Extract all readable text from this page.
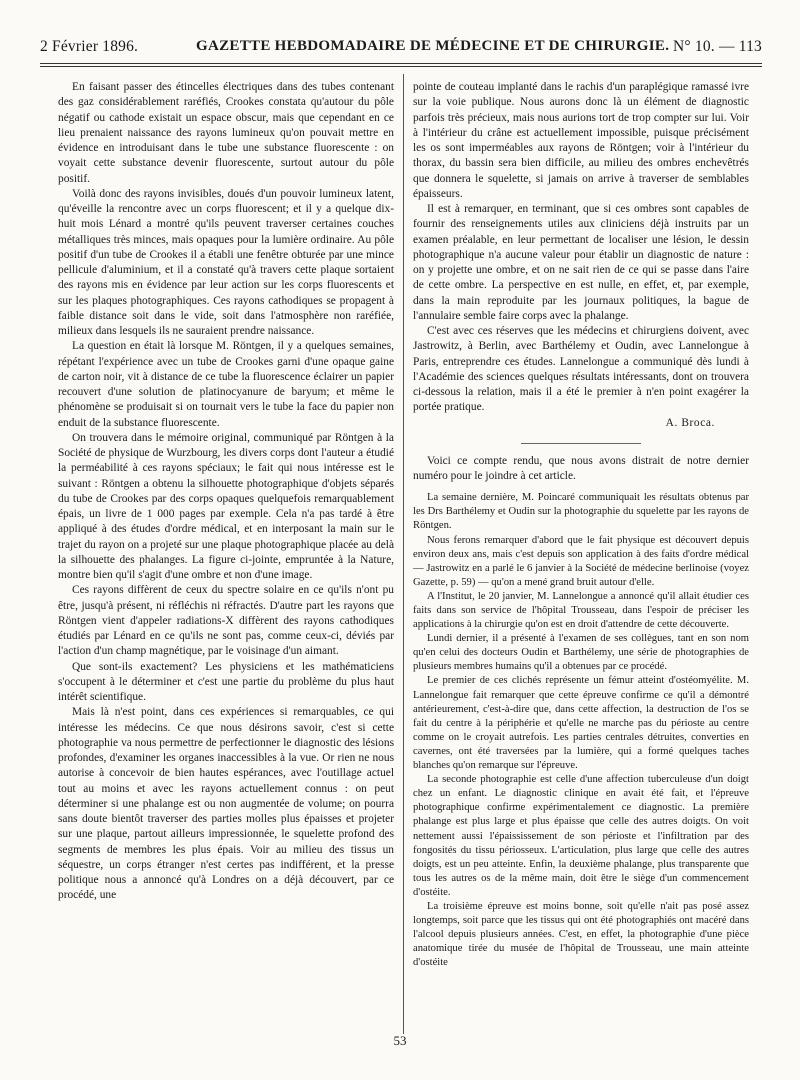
2 Février 1896.	GAZETTE HEBDOMADAIRE DE MÉDECINE ET DE CHIRURGIE. N° 10. — 113

En faisant passer des étincelles électriques dans des tubes contenant des gaz considérablement raréfiés, Crookes constata qu'autour du pôle négatif ou cathode existait un espace obscur, mais que cependant en ce lieu prenaient naissance des rayons lumineux qu'on pouvait mettre en évidence en introduisant dans le tube une substance fluorescente : on voyait cette substance devenir fluorescente, surtout autour du pôle positif.

Voilà donc des rayons invisibles, doués d'un pouvoir lumineux latent, qu'éveille la rencontre avec un corps fluorescent; et il y a quelque dix-huit mois Lénard a montré qu'ils peuvent traverser certaines couches métalliques très minces, mais opaques pour la lumière ordinaire. Au pôle positif d'un tube de Crookes il a établi une fenêtre obturée par une mince pellicule d'aluminium, et il a constaté qu'à travers cette plaque sortaient des rayons mis en évidence par leur action sur les corps fluorescents et sur les plaques photographiques. Ces rayons cathodiques se propagent à faible distance soit dans le vide, soit dans l'atmosphère non raréfiée, milieux dans lesquels ils ne sauraient prendre naissance.

La question en était là lorsque M. Röntgen, il y a quelques semaines, répétant l'expérience avec un tube de Crookes garni d'une opaque gaine de carton noir, vit à distance de ce tube la fluorescence éclairer un papier recouvert d'une solution de platinocyanure de baryum; et même le phénomène se produisait si on tournait vers le tube la face du papier non enduit de la substance fluorescente.

On trouvera dans le mémoire original, communiqué par Röntgen à la Société de physique de Wurzbourg, les divers corps dont l'auteur a étudié la perméabilité à ces rayons spéciaux; le fait qui nous intéresse est le suivant : Röntgen a obtenu la silhouette photographique d'objets séparés du tube de Crookes par des corps opaques quelquefois remarquablement épais, un livre de 1 000 pages par exemple. Cela n'a pas tardé à être appliqué à des études d'ordre médical, et en interposant la main sur le trajet du rayon on a projeté sur une plaque photographique placée au delà la silhouette des phalanges. La figure ci-jointe, empruntée à la Nature, montre bien qu'il s'agit d'une ombre et non d'une image.

Ces rayons diffèrent de ceux du spectre solaire en ce qu'ils n'ont pu être, jusqu'à présent, ni réfléchis ni réfractés. D'autre part les rayons que Röntgen vient d'appeler radiations-X diffèrent des rayons cathodiques étudiés par Lénard en ce qu'ils ne sont pas, comme ceux-ci, déviés par l'action d'un champ magnétique, par le voisinage d'un aimant.

Que sont-ils exactement? Les physiciens et les mathématiciens s'occupent à le déterminer et c'est une partie du problème du plus haut intérêt scientifique.

Mais là n'est point, dans ces expériences si remarquables, ce qui intéresse les médecins. Ce que nous désirons savoir, c'est si cette photographie va nous permettre de perfectionner le diagnostic des lésions profondes, d'examiner les organes inaccessibles à la vue. Or rien ne nous autorise à concevoir de bien hautes espérances, avec l'outillage actuel tout au moins et avec les rayons actuellement connus : on peut déterminer si une phalange est ou non augmentée de volume; on pourra sans doute bientôt traverser des parties molles plus épaisses et projeter sur une plaque, partout ailleurs impressionnée, le squelette profond des segments de membres les plus épais. Voir au milieu des tissus un séquestre, un corps étranger n'est certes pas indifférent, et la presse politique nous a annoncé qu'à Londres on a déjà découvert, par ce procédé, une

pointe de couteau implanté dans le rachis d'un paraplégique ramassé ivre sur la voie publique. Nous aurons donc là un élément de diagnostic parfois très précieux, mais nous aurions tort de trop compter sur lui. Voir à l'intérieur du crâne est actuellement impossible, puisque précisément les os sont imperméables aux rayons de Röntgen; voir à l'intérieur du thorax, du bassin sera bien difficile, au milieu des ombres enchevêtrés que donnera le squelette, si jamais on arrive à traverser de semblables épaisseurs.

Il est à remarquer, en terminant, que si ces ombres sont capables de fournir des renseignements utiles aux cliniciens déjà instruits par un examen préalable, en leur permettant de localiser une lésion, le dessin photographique n'a aucune valeur pour établir un diagnostic de nature : on y projette une ombre, et on ne sait rien de ce qui se passe dans l'aire de cette ombre. La perspective en est nulle, en effet, et, par exemple, dans la main reproduite par les journaux politiques, la bague de l'annulaire semble faire corps avec la phalange.

C'est avec ces réserves que les médecins et chirurgiens doivent, avec Jastrowitz, à Berlin, avec Barthélemy et Oudin, avec Lannelongue à Paris, entreprendre ces études. Lannelongue a communiqué dès lundi à l'Académie des sciences quelques résultats intéressants, dont on trouvera ci-dessous la relation, mais il a été le premier à n'en point exagérer la portée pratique.

A. Broca.

Voici ce compte rendu, que nous avons distrait de notre dernier numéro pour le joindre à cet article.

La semaine dernière, M. Poincaré communiquait les résultats obtenus par les Drs Barthélemy et Oudin sur la photographie du squelette par les rayons de Röntgen.

Nous ferons remarquer d'abord que le fait physique est découvert depuis environ deux ans, mais c'est depuis son application à des faits d'ordre médical — Jastrowitz en a parlé le 6 janvier à la Société de médecine berlinoise (voyez Gazette, p. 59) — qu'on a mené grand bruit autour d'elle.

A l'Institut, le 20 janvier, M. Lannelongue a annoncé qu'il allait étudier ces faits dans son service de l'hôpital Trousseau, dans l'espoir de préciser les applications à la chirurgie qu'on est en droit d'attendre de cette découverte.

Lundi dernier, il a présenté à l'examen de ses collègues, tant en son nom qu'en celui des docteurs Oudin et Barthélemy, une série de photographies de plusieurs membres humains qu'il a obtenues par ce procédé.

Le premier de ces clichés représente un fémur atteint d'ostéomyélite. M. Lannelongue fait remarquer que cette épreuve confirme ce qu'il a démontré antérieurement, c'est-à-dire que, dans cette affection, la destruction de l'os se fait du centre à la périphérie et qu'elle ne marche pas du périoste au centre comme on le croyait autrefois. Les parties centrales détruites, converties en cavernes, ont été traversées par la lumière, qui a formé quelques taches blanches qu'on remarque sur l'épreuve.

La seconde photographie est celle d'une affection tuberculeuse d'un doigt chez un enfant. Le diagnostic clinique en avait été fait, et l'épreuve photographique confirme expérimentalement ce diagnostic. La première phalange est plus large et plus épaisse que celle des autres doigts. On voit nettement aussi l'épaississement de son périoste et l'infiltration par des fongosités du tissu périosseux. L'articulation, plus large que celle des autres doigts, est un peu atteinte. Enfin, la deuxième phalange, plus transparente que tous les autres os de la même main, doit être le siège d'un commencement d'ostéite.

La troisième épreuve est moins bonne, soit qu'elle n'ait pas posé assez longtemps, soit parce que les tissus qui ont été photographiés ont macéré dans l'alcool depuis plusieurs années. C'est, en effet, la photographie d'une pièce anatomique tirée du musée de l'hôpital de Trousseau, une main atteinte d'ostéite

53
